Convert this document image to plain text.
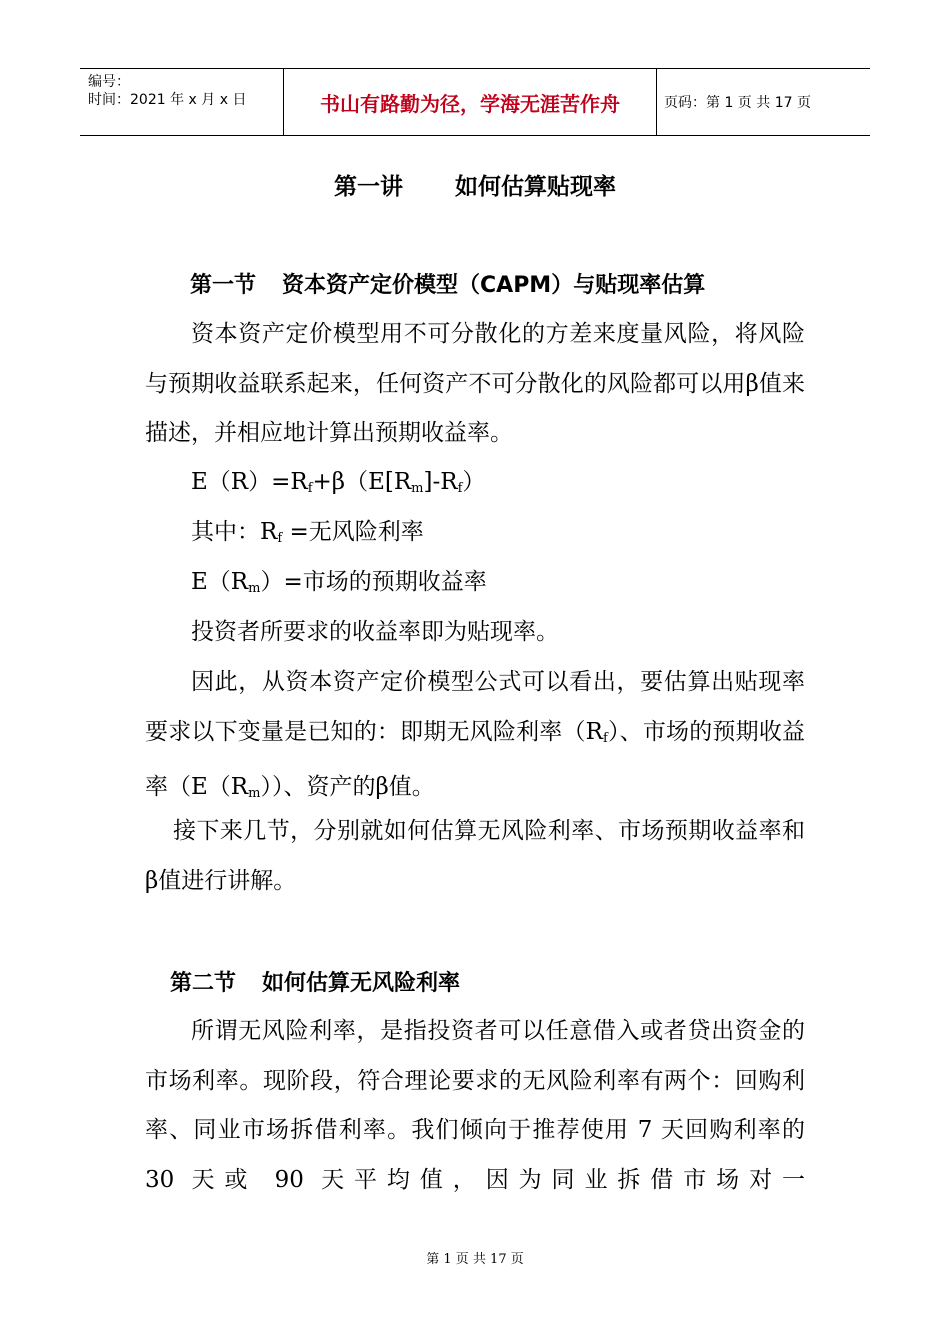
编号：
时间：2021 年 x 月 x 日	书山有路勤为径，学海无涯苦作舟	页码：第 1 页 共 17 页
第一讲 如何估算贴现率
第一节 资本资产定价模型（CAPM）与贴现率估算
资本资产定价模型用不可分散化的方差来度量风险，将风险与预期收益联系起来，任何资产不可分散化的风险都可以用β值来描述，并相应地计算出预期收益率。
$E(R)=R_f+\beta(E[R_m]-R_f)$
其中：$R_f$ =无风险利率
$E(R_m)=$市场的预期收益率
投资者所要求的收益率即为贴现率。
因此，从资本资产定价模型公式可以看出，要估算出贴现率要求以下变量是已知的：即期无风险利率$(R_f)$、市场的预期收益率$(E(R_m))$、资产的β值。
接下来几节，分别就如何估算无风险利率、市场预期收益率和β值进行讲解。
第二节 如何估算无风险利率
所谓无风险利率，是指投资者可以任意借入或者贷出资金的市场利率。现阶段，符合理论要求的无风险利率有两个：回购利率、同业市场拆借利率。我们倾向于推荐使用 7 天回购利率的 30 天或 90 天平均值，因为同业拆借市场对一
第 1 页 共 17 页
